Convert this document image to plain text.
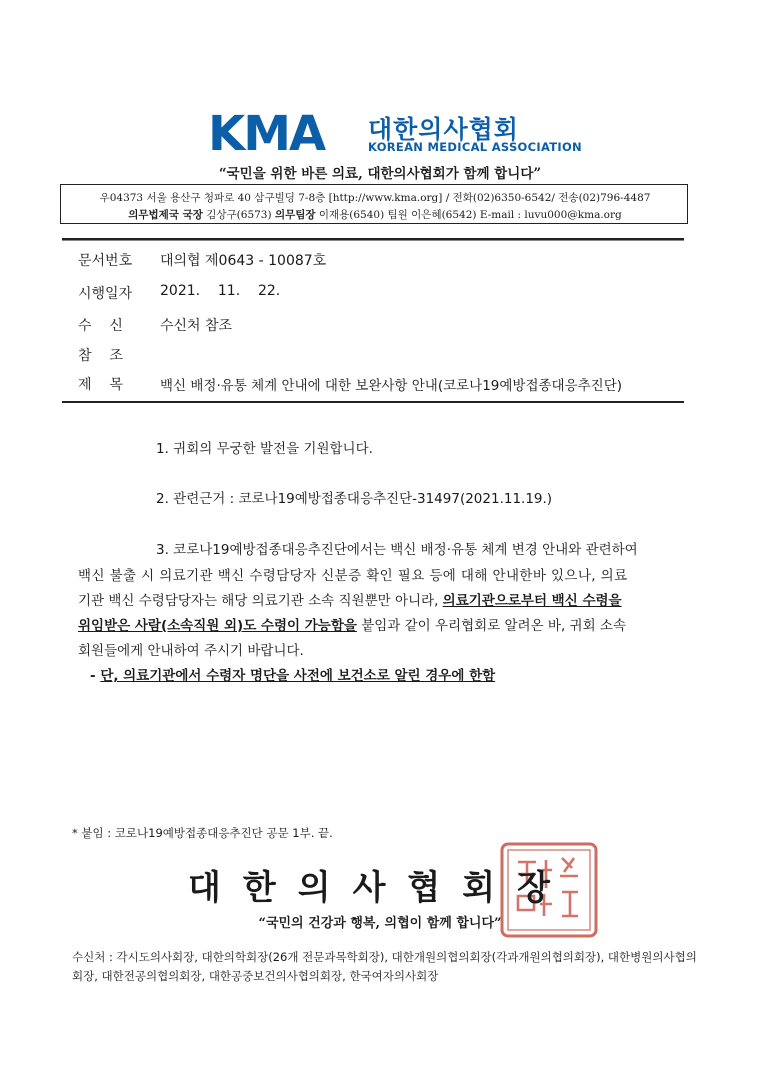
KMA 대한의사협회
KOREAN MEDICAL ASSOCIATION
“국민을 위한 바른 의료, 대한의사협회가 함께 합니다”
우04373 서울 용산구 청파로 40 삼구빌딩 7-8층 [http://www.kma.org] / 전화(02)6350-6542/ 전송(02)796-4487
의무법제국 국장 김상구(6573) 의무팀장 이재용(6540) 팀원 이은혜(6542) E-mail : luvu000@kma.org
문서번호 대의협 제0643 - 10087호
시행일자 2021.    11.    22.
수    신	수신처 참조
참    조
제    목	백신 배정·유통 체계 안내에 대한 보완사항 안내(코로나19예방접종대응추진단)
1. 귀회의 무궁한 발전을 기원합니다.
2. 관련근거 : 코로나19예방접종대응추진단-31497(2021.11.19.)
3. 코로나19예방접종대응추진단에서는 백신 배정·유통 체계 변경 안내와 관련하여
백신 불출 시 의료기관 백신 수령담당자 신분증 확인 필요 등에 대해 안내한바 있으나, 의료
기관 백신 수령담당자는 해당 의료기관 소속 직원뿐만 아니라, 의료기관으로부터 백신 수령을
위임받은 사람(소속직원 외)도 수령이 가능함을 붙임과 같이 우리협회로 알려온 바, 귀회 소속
회원들에게 안내하여 주시기 바랍니다.
- 단, 의료기관에서 수령자 명단을 사전에 보건소로 알린 경우에 한함
* 붙임 : 코로나19예방접종대응추진단 공문 1부. 끝.
대한의사협회장
“국민의 건강과 행복, 의협이 함께 합니다”
수신처 : 각시도의사회장, 대한의학회장(26개 전문과목학회장), 대한개원의협의회장(각과개원의협의회장), 대한병원의사협의회장, 대한전공의협의회장, 대한공중보건의사협의회장, 한국여자의사회장
